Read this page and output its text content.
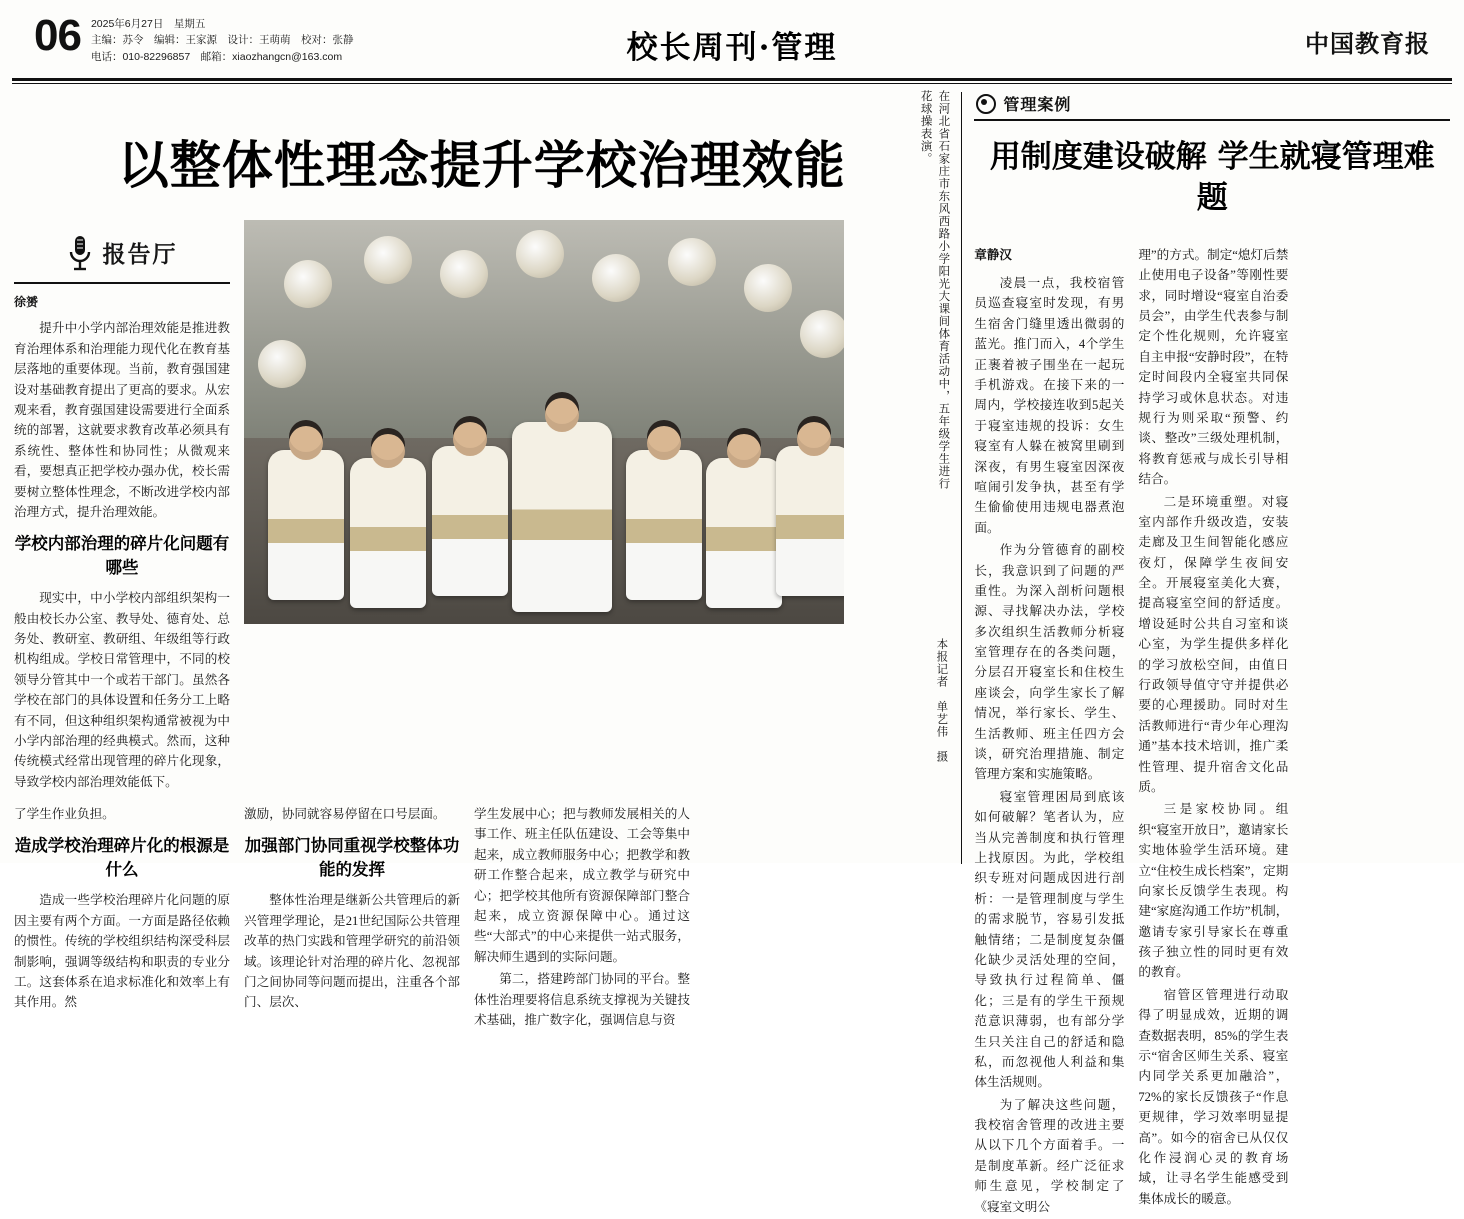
06 2025年6月27日　星期五
主编：苏令　编辑：王家源　设计：王萌萌　校对：张静
电话：010-82296857　邮箱：xiaozhangcn@163.com	校长周刊·管理	中国教育报
以整体性理念提升学校治理效能
报告厅
徐赟

提升中小学内部治理效能是推进教育治理体系和治理能力现代化在教育基层落地的重要体现。当前，教育强国建设对基础教育提出了更高的要求。从宏观来看，教育强国建设需要进行全面系统的部署，这就要求教育改革必须具有系统性、整体性和协同性；从微观来看，要想真正把学校办强办优，校长需要树立整体性理念，不断改进学校内部治理方式，提升治理效能。

学校内部治理的碎片化问题有哪些

现实中，中小学校内部组织架构一般由校长办公室、教导处、德育处、总务处、教研室、教研组、年级组等行政机构组成。学校日常管理中，不同的校领导分管其中一个或若干部门。虽然各学校在部门的具体设置和任务分工上略有不同，但这种组织架构通常被视为中小学内部治理的经典模式。然而，这种传统模式经常出现管理的碎片化现象，导致学校内部治理效能低下。

在河北省石家庄市东风西路小学阳光大课间体育活动中，五年级学生进行花球操表演。
本报记者　单艺伟　摄

了学生作业负担。

造成学校治理碎片化的根源是什么

造成一些学校治理碎片化问题的原因主要有两个方面。一方面是路径依赖的惯性。传统的学校组织结构深受科层制影响，强调等级结构和职责的专业分工。这套体系在追求标准化和效率上有其作用。然

激励，协同就容易停留在口号层面。

加强部门协同重视学校整体功能的发挥

整体性治理是继新公共管理后的新兴管理学理论，是21世纪国际公共管理改革的热门实践和管理学研究的前沿领域。该理论针对治理的碎片化、忽视部门之间协同等问题而提出，注重各个部门、层次、

学生发展中心；把与教师发展相关的人事工作、班主任队伍建设、工会等集中起来，成立教师服务中心；把教学和教研工作整合起来，成立教学与研究中心；把学校其他所有资源保障部门整合起来，成立资源保障中心。通过这些“大部式”的中心来提供一站式服务，解决师生遇到的实际问题。

第二，搭建跨部门协同的平台。整体性治理要将信息系统支撑视为关键技术基础，推广数字化，强调信息与资

管理案例
用制度建设破解 学生就寝管理难题
章静汉

凌晨一点，我校宿管员巡查寝室时发现，有男生宿舍门缝里透出微弱的蓝光。推门而入，4个学生正裹着被子围坐在一起玩手机游戏。在接下来的一周内，学校接连收到5起关于寝室违规的投诉：女生寝室有人躲在被窝里刷到深夜，有男生寝室因深夜喧闹引发争执，甚至有学生偷偷使用违规电器煮泡面。

作为分管德育的副校长，我意识到了问题的严重性。为深入剖析问题根源、寻找解决办法，学校多次组织生活教师分析寝室管理存在的各类问题，分层召开寝室长和住校生座谈会，向学生家长了解情况，举行家长、学生、生活教师、班主任四方会谈，研究治理措施、制定管理方案和实施策略。

寝室管理困局到底该如何破解？笔者认为，应当从完善制度和执行管理上找原因。为此，学校组织专班对问题成因进行剖析：一是管理制度与学生的需求脱节，容易引发抵触情绪；二是制度复杂僵化缺少灵活处理的空间，导致执行过程简单、僵化；三是有的学生干预规范意识薄弱，也有部分学生只关注自己的舒适和隐私，而忽视他人利益和集体生活规则。

为了解决这些问题，我校宿舍管理的改进主要从以下几个方面着手。一是制度革新。经广泛征求师生意见，学校制定了《寝室文明公

理”的方式。制定“熄灯后禁止使用电子设备”等刚性要求，同时增设“寝室自治委员会”，由学生代表参与制定个性化规则，允许寝室自主申报“安静时段”，在特定时间段内全寝室共同保持学习或休息状态。对违规行为则采取“预警、约谈、整改”三级处理机制，将教育惩戒与成长引导相结合。

二是环境重塑。对寝室内部作升级改造，安装走廊及卫生间智能化感应夜灯，保障学生夜间安全。开展寝室美化大赛，提高寝室空间的舒适度。增设延时公共自习室和谈心室，为学生提供多样化的学习放松空间，由值日行政领导值守守并提供必要的心理援助。同时对生活教师进行“青少年心理沟通”基本技术培训，推广柔性管理、提升宿舍文化品质。

三是家校协同。组织“寝室开放日”，邀请家长实地体验学生活环境。建立“住校生成长档案”，定期向家长反馈学生表现。构建“家庭沟通工作坊”机制，邀请专家引导家长在尊重孩子独立性的同时更有效的教育。

宿管区管理进行动取得了明显成效，近期的调查数据表明，85%的学生表示“宿舍区师生关系、寝室内同学关系更加融洽”，72%的家长反馈孩子“作息更规律，学习效率明显提高”。如今的宿舍已从仅仅化作浸润心灵的教育场域，让寻名学生能感受到集体成长的暖意。
